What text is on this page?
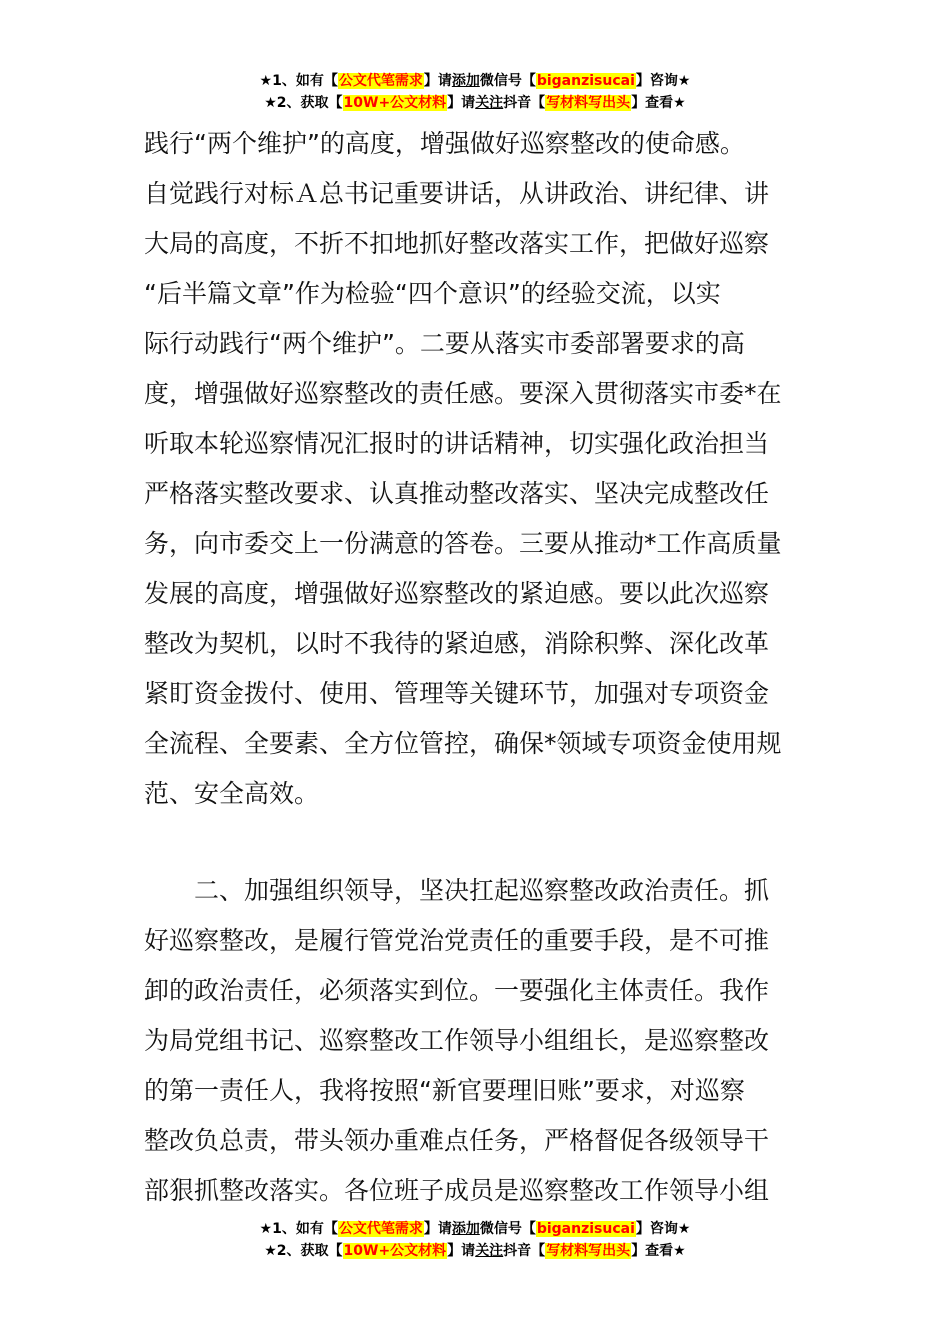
★1、如有【公文代笔需求】请添加微信号【biganzisucai】咨询★
★2、获取【10W+公文材料】请关注抖音【写材料写出头】查看★
践行“两个维护”的高度，增强做好巡察整改的使命感。
自觉践行对标Ａ总书记重要讲话，从讲政治、讲纪律、讲
大局的高度，不折不扣地抓好整改落实工作，把做好巡察
“后半篇文章”作为检验“四个意识”的经验交流，以实
际行动践行“两个维护”。二要从落实市委部署要求的高
度，增强做好巡察整改的责任感。要深入贯彻落实市委*在
听取本轮巡察情况汇报时的讲话精神，切实强化政治担当
严格落实整改要求、认真推动整改落实、坚决完成整改任
务，向市委交上一份满意的答卷。三要从推动*工作高质量
发展的高度，增强做好巡察整改的紧迫感。要以此次巡察
整改为契机，以时不我待的紧迫感，消除积弊、深化改革
紧盯资金拨付、使用、管理等关键环节，加强对专项资金
全流程、全要素、全方位管控，确保*领域专项资金使用规
范、安全高效。
　　二、加强组织领导，坚决扛起巡察整改政治责任。抓
好巡察整改，是履行管党治党责任的重要手段，是不可推
卸的政治责任，必须落实到位。一要强化主体责任。我作
为局党组书记、巡察整改工作领导小组组长，是巡察整改
的第一责任人，我将按照“新官要理旧账”要求，对巡察
整改负总责，带头领办重难点任务，严格督促各级领导干
部狠抓整改落实。各位班子成员是巡察整改工作领导小组
★1、如有【公文代笔需求】请添加微信号【biganzisucai】咨询★
★2、获取【10W+公文材料】请关注抖音【写材料写出头】查看★
